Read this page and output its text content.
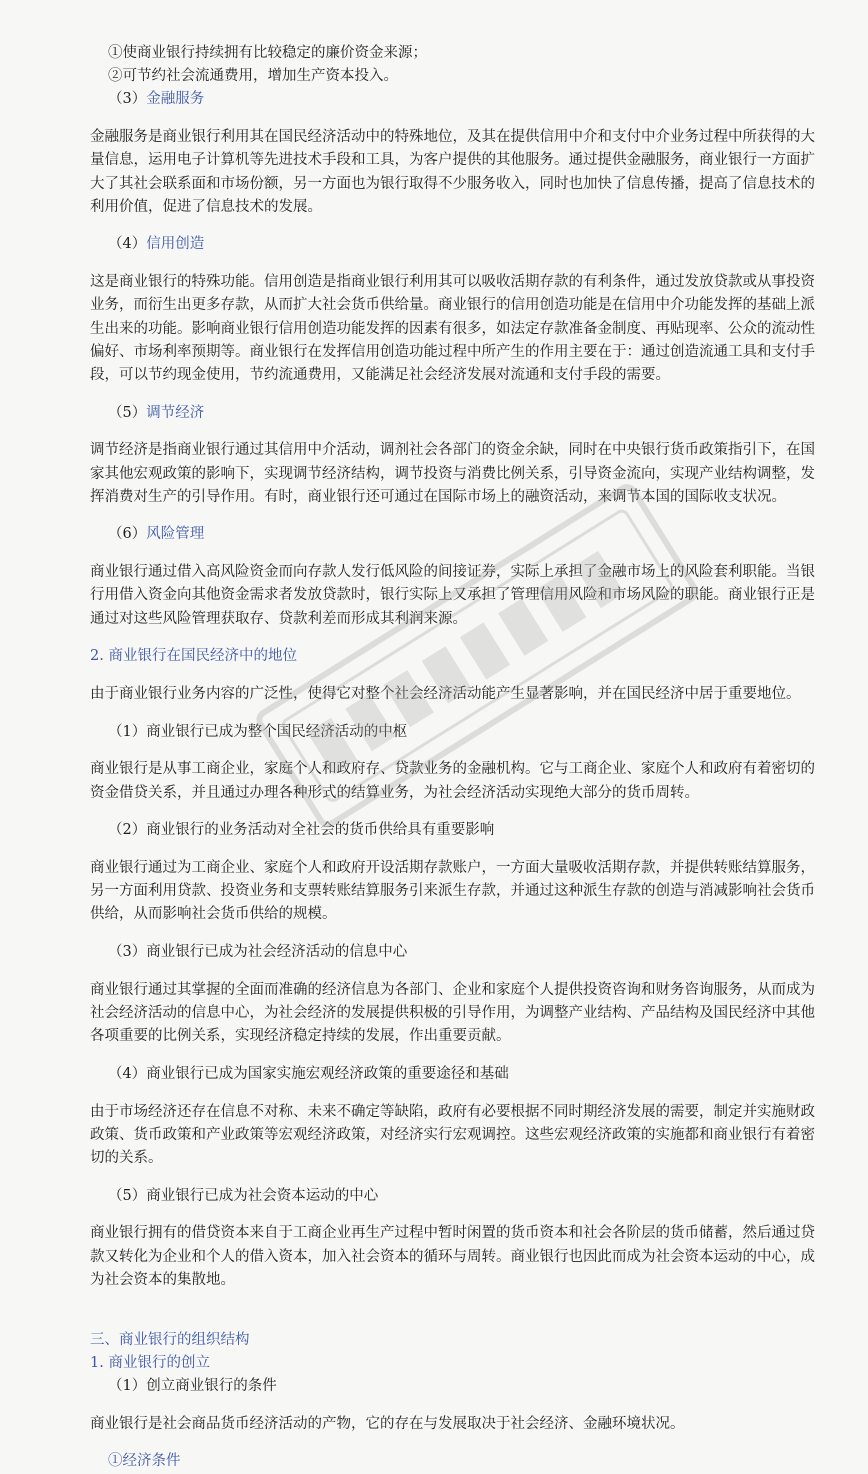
①使商业银行持续拥有比较稳定的廉价资金来源；

②可节约社会流通费用，增加生产资本投入。

（3）金融服务

金融服务是商业银行利用其在国民经济活动中的特殊地位，及其在提供信用中介和支付中介业务过程中所获得的大量信息，运用电子计算机等先进技术手段和工具，为客户提供的其他服务。通过提供金融服务，商业银行一方面扩大了其社会联系面和市场份额，另一方面也为银行取得不少服务收入，同时也加快了信息传播，提高了信息技术的利用价值，促进了信息技术的发展。

（4）信用创造

这是商业银行的特殊功能。信用创造是指商业银行利用其可以吸收活期存款的有利条件，通过发放贷款或从事投资业务，而衍生出更多存款，从而扩大社会货币供给量。商业银行的信用创造功能是在信用中介功能发挥的基础上派生出来的功能。影响商业银行信用创造功能发挥的因素有很多，如法定存款准备金制度、再贴现率、公众的流动性偏好、市场利率预期等。商业银行在发挥信用创造功能过程中所产生的作用主要在于：通过创造流通工具和支付手段，可以节约现金使用，节约流通费用，又能满足社会经济发展对流通和支付手段的需要。

（5）调节经济

调节经济是指商业银行通过其信用中介活动，调剂社会各部门的资金余缺，同时在中央银行货币政策指引下，在国家其他宏观政策的影响下，实现调节经济结构，调节投资与消费比例关系，引导资金流向，实现产业结构调整，发挥消费对生产的引导作用。有时，商业银行还可通过在国际市场上的融资活动，来调节本国的国际收支状况。

（6）风险管理

商业银行通过借入高风险资金而向存款人发行低风险的间接证券，实际上承担了金融市场上的风险套利职能。当银行用借入资金向其他资金需求者发放贷款时，银行实际上又承担了管理信用风险和市场风险的职能。商业银行正是通过对这些风险管理获取存、贷款利差而形成其利润来源。

2. 商业银行在国民经济中的地位

由于商业银行业务内容的广泛性，使得它对整个社会经济活动能产生显著影响，并在国民经济中居于重要地位。

（1）商业银行已成为整个国民经济活动的中枢

商业银行是从事工商企业，家庭个人和政府存、贷款业务的金融机构。它与工商企业、家庭个人和政府有着密切的资金借贷关系，并且通过办理各种形式的结算业务，为社会经济活动实现绝大部分的货币周转。

（2）商业银行的业务活动对全社会的货币供给具有重要影响

商业银行通过为工商企业、家庭个人和政府开设活期存款账户，一方面大量吸收活期存款，并提供转账结算服务，另一方面利用贷款、投资业务和支票转账结算服务引来派生存款，并通过这种派生存款的创造与消减影响社会货币供给，从而影响社会货币供给的规模。

（3）商业银行已成为社会经济活动的信息中心

商业银行通过其掌握的全面而准确的经济信息为各部门、企业和家庭个人提供投资咨询和财务咨询服务，从而成为社会经济活动的信息中心，为社会经济的发展提供积极的引导作用，为调整产业结构、产品结构及国民经济中其他各项重要的比例关系，实现经济稳定持续的发展，作出重要贡献。

（4）商业银行已成为国家实施宏观经济政策的重要途径和基础

由于市场经济还存在信息不对称、未来不确定等缺陷，政府有必要根据不同时期经济发展的需要，制定并实施财政政策、货币政策和产业政策等宏观经济政策，对经济实行宏观调控。这些宏观经济政策的实施都和商业银行有着密切的关系。

（5）商业银行已成为社会资本运动的中心

商业银行拥有的借贷资本来自于工商企业再生产过程中暂时闲置的货币资本和社会各阶层的货币储蓄，然后通过贷款又转化为企业和个人的借入资本，加入社会资本的循环与周转。商业银行也因此而成为社会资本运动的中心，成为社会资本的集散地。

三、商业银行的组织结构

1. 商业银行的创立

（1）创立商业银行的条件

商业银行是社会商品货币经济活动的产物，它的存在与发展取决于社会经济、金融环境状况。

①经济条件
